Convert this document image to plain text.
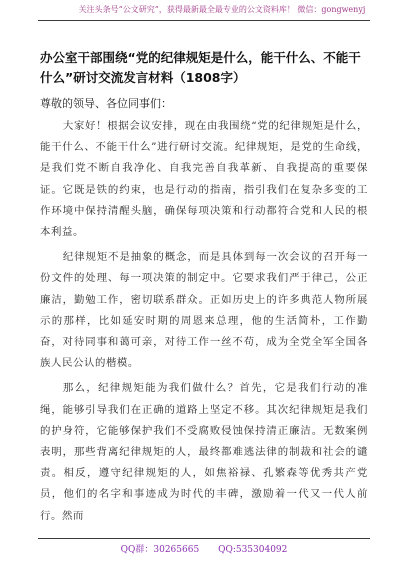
关注头条号“公文研究”，获得最新最全最专业的公文资料库！ 微信：gongwenyj
办公室干部围绕“党的纪律规矩是什么，能干什么、不能干什么”研讨交流发言材料（1808字）
尊敬的领导、各位同事们：

大家好！根据会议安排，现在由我围绕“党的纪律规矩是什么，能干什么、不能干什么”进行研讨交流。纪律规矩，是党的生命线，是我们党不断自我净化、自我完善自我革新、自我提高的重要保证。它既是铁的约束，也是行动的指南，指引我们在复杂多变的工作环境中保持清醒头脑，确保每项决策和行动都符合党和人民的根本利益。

纪律规矩不是抽象的概念，而是具体到每一次会议的召开每一份文件的处理、每一项决策的制定中。它要求我们严于律己，公正廉洁，勤勉工作，密切联系群众。正如历史上的许多典范人物所展示的那样，比如延安时期的周恩来总理，他的生活简朴，工作勤奋，对待同事和蔼可亲，对待工作一丝不苟，成为全党全军全国各族人民公认的楷模。

那么，纪律规矩能为我们做什么？首先，它是我们行动的准绳，能够引导我们在正确的道路上坚定不移。其次纪律规矩是我们的护身符，它能够保护我们不受腐败侵蚀保持清正廉洁。无数案例表明，那些背离纪律规矩的人，最终都难逃法律的制裁和社会的谴责。相反，遵守纪律规矩的人，如焦裕禄、孔繁森等优秀共产党员，他们的名字和事迹成为时代的丰碑，激励着一代又一代人前行。然而

QQ群：30265665 QQ:535304092
